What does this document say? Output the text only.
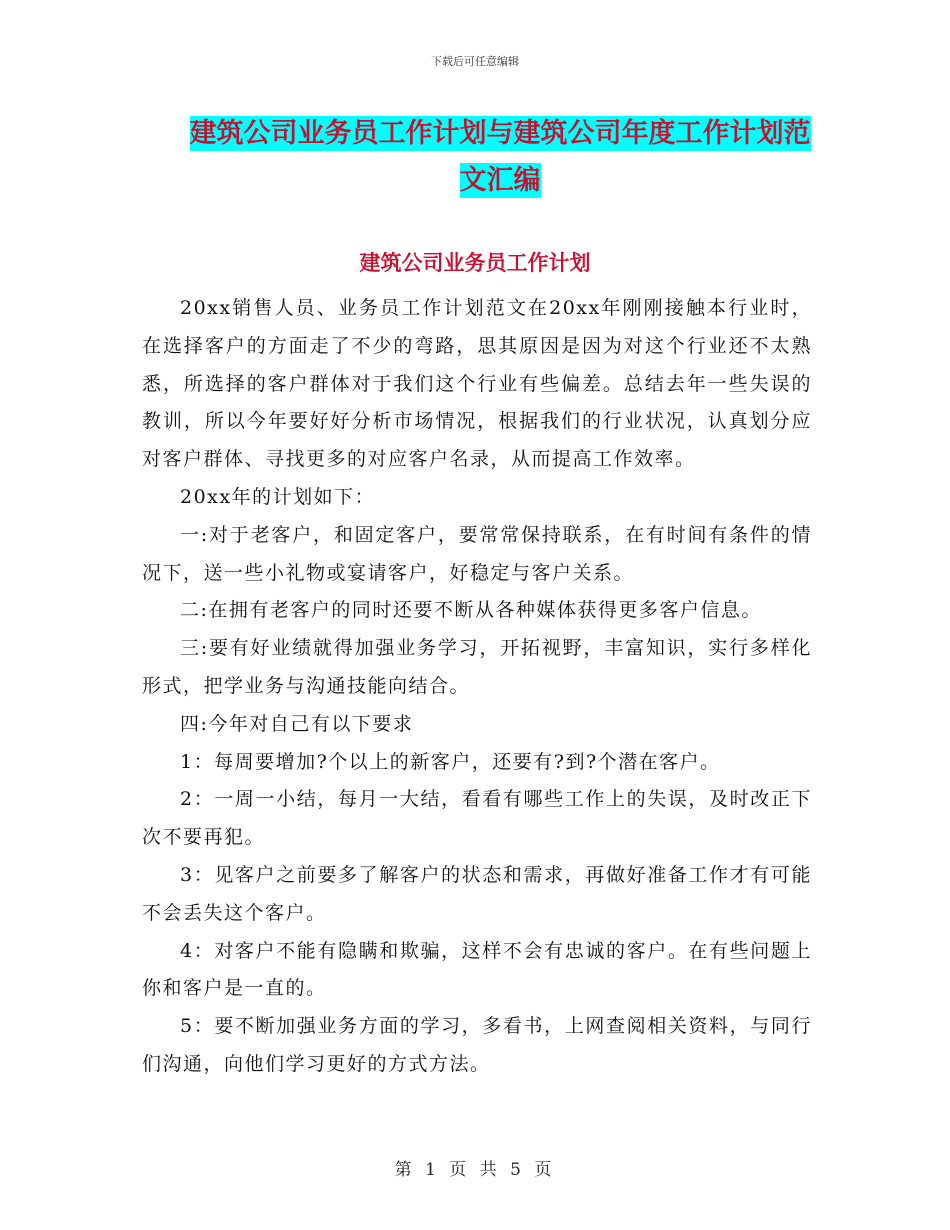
下载后可任意编辑
建筑公司业务员工作计划与建筑公司年度工作计划范
文汇编
建筑公司业务员工作计划

20xx销售人员、业务员工作计划范文在20xx年刚刚接触本行业时，在选择客户的方面走了不少的弯路，思其原因是因为对这个行业还不太熟悉，所选择的客户群体对于我们这个行业有些偏差。总结去年一些失误的教训，所以今年要好好分析市场情况，根据我们的行业状况，认真划分应对客户群体、寻找更多的对应客户名录，从而提高工作效率。

20xx年的计划如下：

一:对于老客户，和固定客户，要常常保持联系，在有时间有条件的情况下，送一些小礼物或宴请客户，好稳定与客户关系。

二:在拥有老客户的同时还要不断从各种媒体获得更多客户信息。

三:要有好业绩就得加强业务学习，开拓视野，丰富知识，实行多样化形式，把学业务与沟通技能向结合。

四:今年对自己有以下要求

1：每周要增加?个以上的新客户，还要有?到?个潜在客户。

2：一周一小结，每月一大结，看看有哪些工作上的失误，及时改正下次不要再犯。

3：见客户之前要多了解客户的状态和需求，再做好准备工作才有可能不会丢失这个客户。

4：对客户不能有隐瞒和欺骗，这样不会有忠诚的客户。在有些问题上你和客户是一直的。

5：要不断加强业务方面的学习，多看书，上网查阅相关资料，与同行们沟通，向他们学习更好的方式方法。

第 1 页 共 5 页
